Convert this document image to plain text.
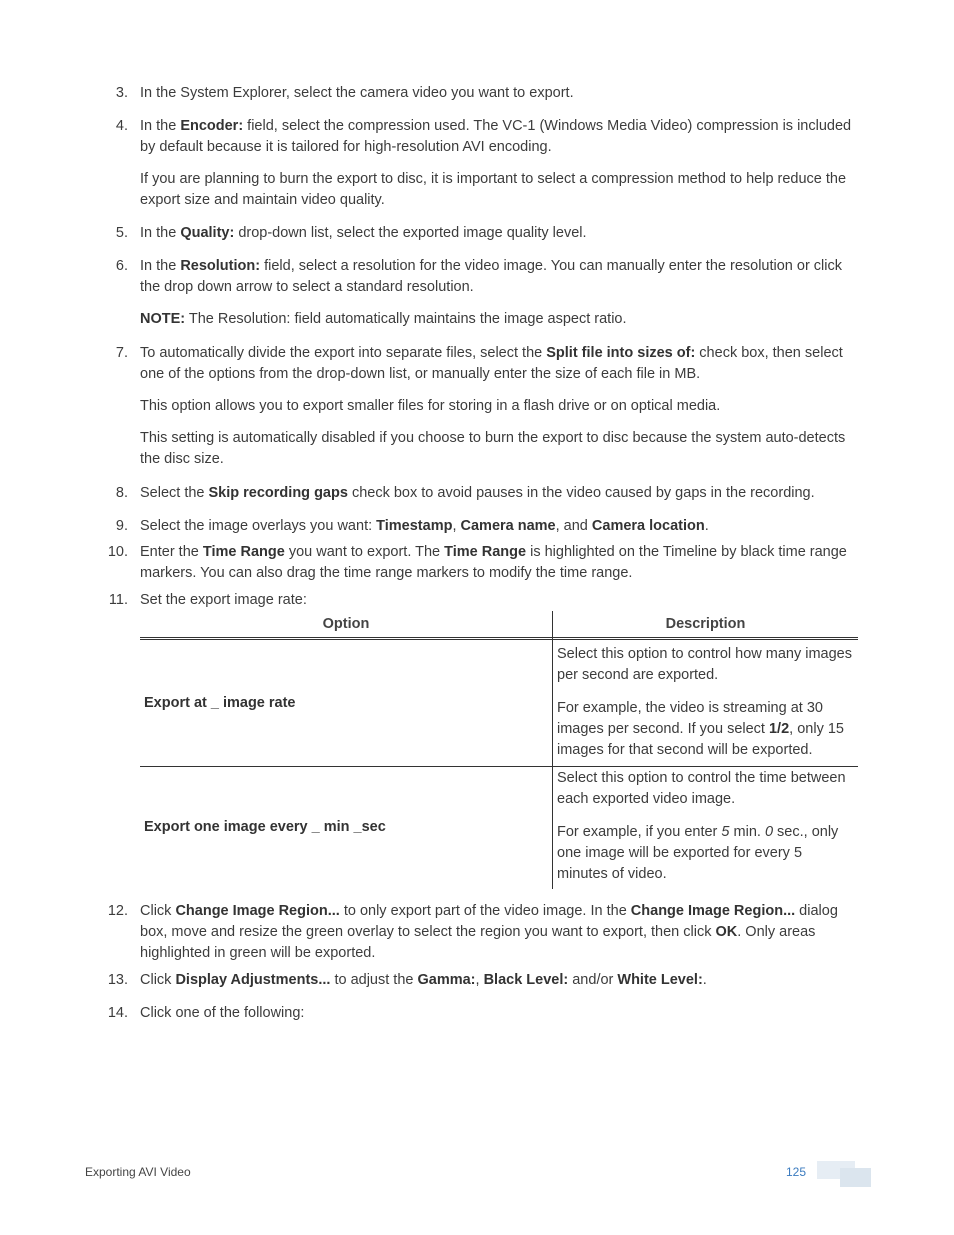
3. In the System Explorer, select the camera video you want to export.

4. In the Encoder: field, select the compression used. The VC-1 (Windows Media Video) compression is included by default because it is tailored for high-resolution AVI encoding.

If you are planning to burn the export to disc, it is important to select a compression method to help reduce the export size and maintain video quality.

5. In the Quality: drop-down list, select the exported image quality level.

6. In the Resolution: field, select a resolution for the video image. You can manually enter the resolution or click the drop down arrow to select a standard resolution.

NOTE: The Resolution: field automatically maintains the image aspect ratio.

7. To automatically divide the export into separate files, select the Split file into sizes of: check box, then select one of the options from the drop-down list, or manually enter the size of each file in MB.

This option allows you to export smaller files for storing in a flash drive or on optical media.

This setting is automatically disabled if you choose to burn the export to disc because the system auto-detects the disc size.

8. Select the Skip recording gaps check box to avoid pauses in the video caused by gaps in the recording.

9. Select the image overlays you want: Timestamp, Camera name, and Camera location.

10. Enter the Time Range you want to export. The Time Range is highlighted on the Timeline by black time range markers. You can also drag the time range markers to modify the time range.

11. Set the export image rate:

Option	Description
Export at _ image rate

Select this option to control how many images per second are exported.

For example, the video is streaming at 30 images per second. If you select 1/2, only 15 images for that second will be exported.

Export one image every _ min _sec

Select this option to control the time between each exported video image.

For example, if you enter 5 min. 0 sec., only one image will be exported for every 5 minutes of video.

12. Click Change Image Region... to only export part of the video image. In the Change Image Region... dialog box, move and resize the green overlay to select the region you want to export, then click OK. Only areas highlighted in green will be exported.

13. Click Display Adjustments... to adjust the Gamma:, Black Level: and/or White Level:.

14. Click one of the following:

Exporting AVI Video	125
